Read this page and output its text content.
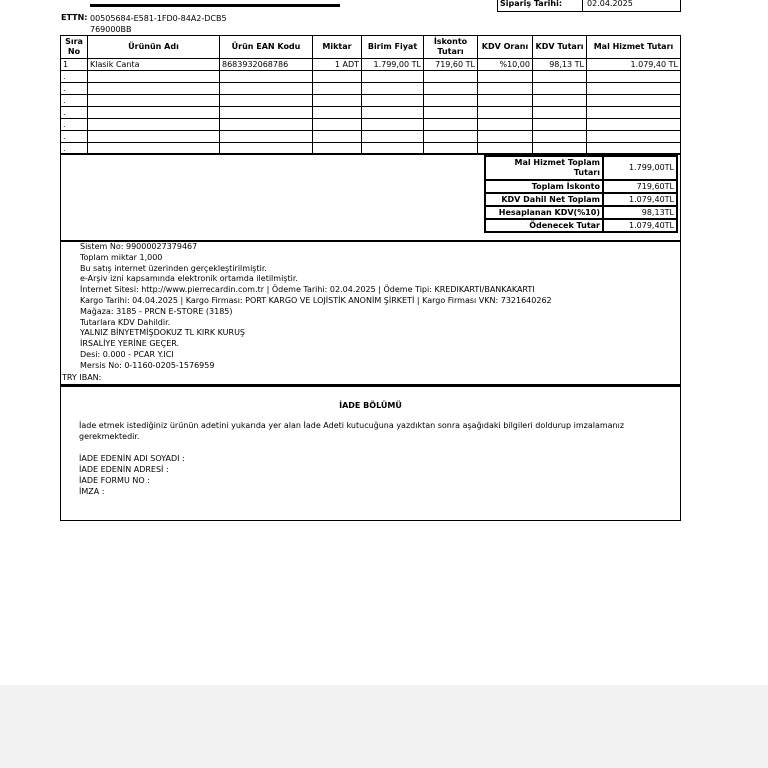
Sipariş Tarihi:	02.04.2025
ETTN: 00505684-E581-1FD0-84A2-DCB5769000BB
Sıra No	Ürünün Adı	Ürün EAN Kodu	Miktar	Birim Fiyat	İskonto Tutarı	KDV Oranı	KDV Tutarı	Mal Hizmet Tutarı
1	Klasik Canta	8683932068786	1 ADT	1.799,00 TL	719,60 TL	%10,00	98,13 TL	1.079,40 TL
.								
.								
.								
.								
.								
.								
.								
Mal Hizmet Toplam Tutarı	1.799,00TL
Toplam İskonto	719,60TL
KDV Dahil Net Toplam	1.079,40TL
Hesaplanan KDV(%10)	98,13TL
Ödenecek Tutar	1.079,40TL
Sistem No: 99000027379467
Toplam miktar 1,000
Bu satış internet üzerinden gerçekleştirilmiştir.
e-Arşiv izni kapsamında elektronik ortamda iletilmiştir.
İnternet Sitesi: http://www.pierrecardin.com.tr | Ödeme Tarihi: 02.04.2025 | Ödeme Tipi: KREDIKARTI/BANKAKARTI
Kargo Tarihi: 04.04.2025 | Kargo Firması: PORT KARGO VE LOJİSTİK ANONİM ŞİRKETİ | Kargo Firması VKN: 7321640262
Mağaza: 3185 - PRCN E-STORE (3185)
Tutarlara KDV Dahildir.
YALNIZ BİNYETMİŞDOKUZ TL KIRK KURUŞ
İRSALİYE YERİNE GEÇER.
Desi: 0.000 - PCAR Y.ICI
Mersis No: 0-1160-0205-1576959
TRY IBAN:
İADE BÖLÜMÜ
İade etmek istediğiniz ürünün adetini yukarıda yer alan İade Adeti kutucuğuna yazdıktan sonra aşağıdaki bilgileri doldurup imzalamanız gerekmektedir.
İADE EDENİN ADI SOYADI :
İADE EDENİN ADRESİ :
İADE FORMU NO :
İMZA :
